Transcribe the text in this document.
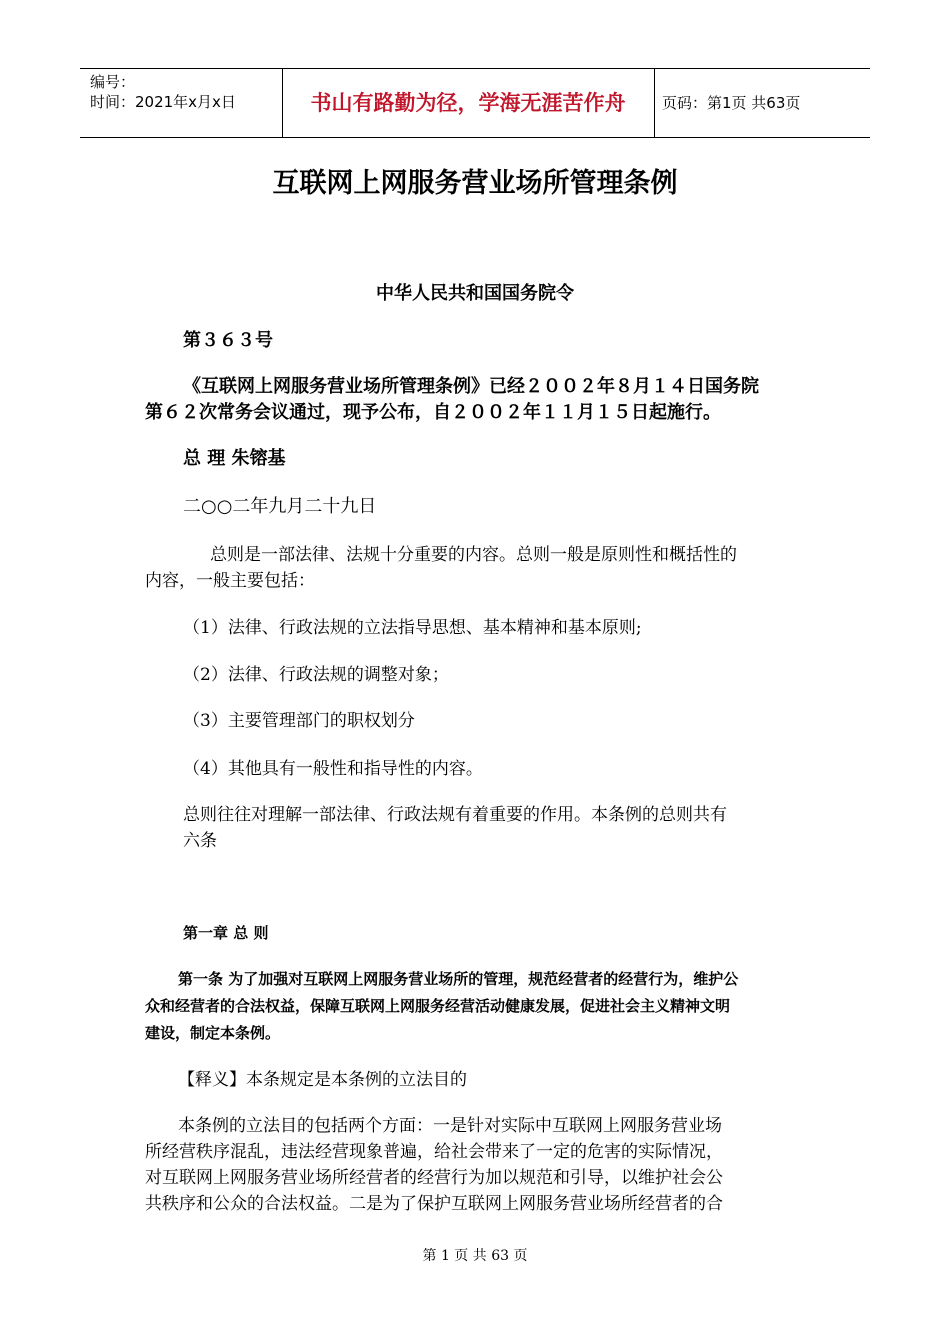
编号：
时间：2021年x月x日	书山有路勤为径，学海无涯苦作舟	页码：第1页 共63页
互联网上网服务营业场所管理条例
中华人民共和国国务院令
第３６３号
《互联网上网服务营业场所管理条例》已经２００２年８月１４日国务院
第６２次常务会议通过，现予公布，自２００２年１１月１５日起施行。
总 理 朱镕基
二○○二年九月二十九日
总则是一部法律、法规十分重要的内容。总则一般是原则性和概括性的
内容，一般主要包括：
（1）法律、行政法规的立法指导思想、基本精神和基本原则;
（2）法律、行政法规的调整对象；
（3）主要管理部门的职权划分
（4）其他具有一般性和指导性的内容。
总则往往对理解一部法律、行政法规有着重要的作用。本条例的总则共有
六条
第一章 总 则
第一条 为了加强对互联网上网服务营业场所的管理，规范经营者的经营行为，维护公
众和经营者的合法权益，保障互联网上网服务经营活动健康发展，促进社会主义精神文明
建设，制定本条例。
【释义】本条规定是本条例的立法目的
本条例的立法目的包括两个方面：一是针对实际中互联网上网服务营业场
所经营秩序混乱，违法经营现象普遍，给社会带来了一定的危害的实际情况，
对互联网上网服务营业场所经营者的经营行为加以规范和引导，以维护社会公
共秩序和公众的合法权益。二是为了保护互联网上网服务营业场所经营者的合
第 1 页 共 63 页
